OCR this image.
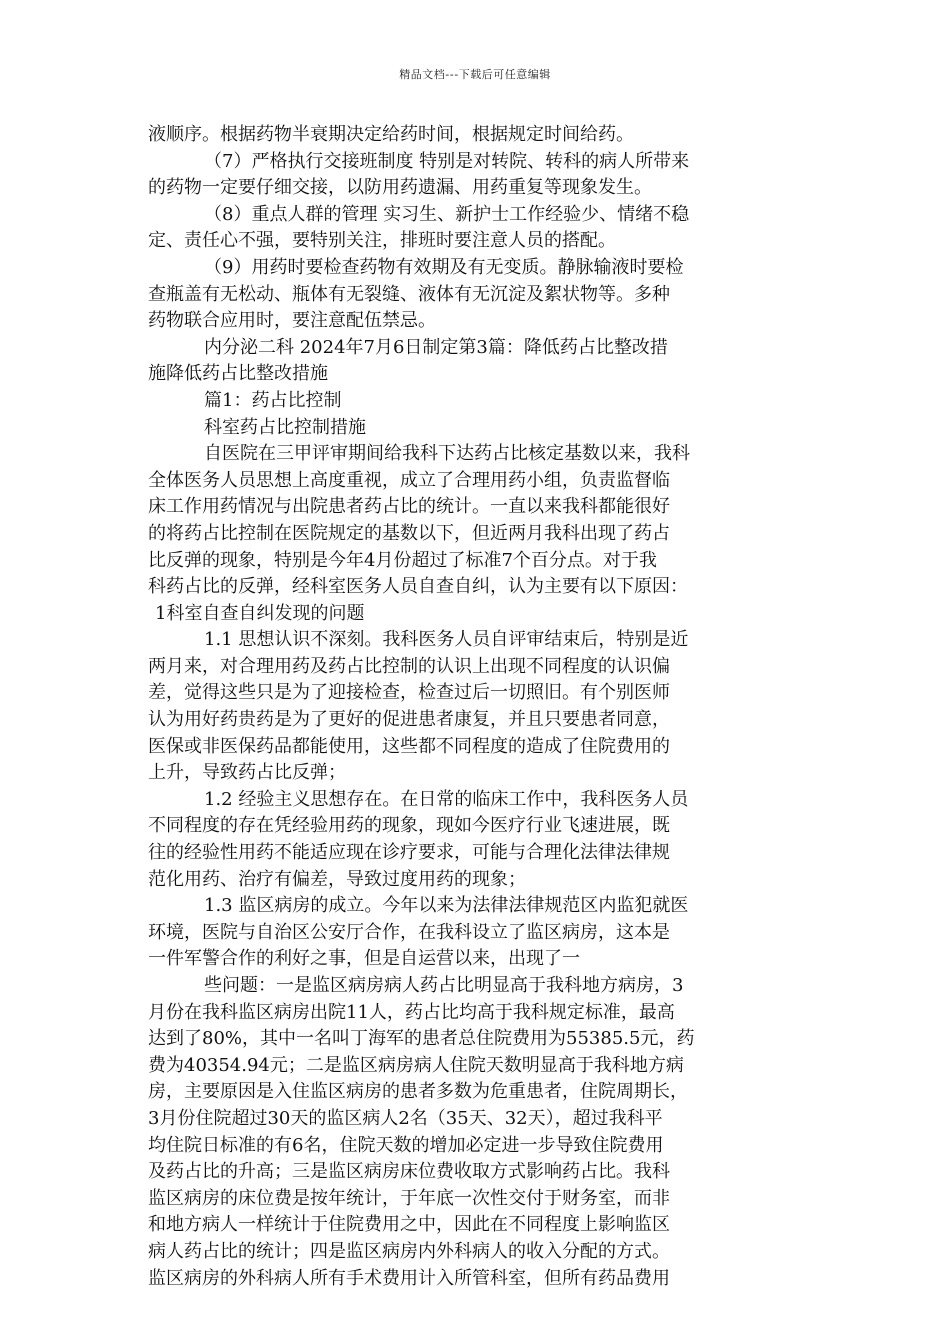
精品文档---下载后可任意编辑
液顺序。根据药物半衰期决定给药时间，根据规定时间给药。
（7）严格执行交接班制度 特别是对转院、转科的病人所带来
的药物一定要仔细交接，以防用药遗漏、用药重复等现象发生。
（8）重点人群的管理 实习生、新护士工作经验少、情绪不稳
定、责任心不强，要特别关注，排班时要注意人员的搭配。
（9）用药时要检查药物有效期及有无变质。静脉输液时要检
查瓶盖有无松动、瓶体有无裂缝、液体有无沉淀及絮状物等。多种
药物联合应用时，要注意配伍禁忌。
内分泌二科 2024年7月6日制定第3篇：降低药占比整改措
施降低药占比整改措施
篇1：药占比控制
科室药占比控制措施
自医院在三甲评审期间给我科下达药占比核定基数以来，我科
全体医务人员思想上高度重视，成立了合理用药小组，负责监督临
床工作用药情况与出院患者药占比的统计。一直以来我科都能很好
的将药占比控制在医院规定的基数以下，但近两月我科出现了药占
比反弹的现象，特别是今年4月份超过了标准7个百分点。对于我
科药占比的反弹，经科室医务人员自查自纠，认为主要有以下原因：
1科室自查自纠发现的问题
1.1 思想认识不深刻。我科医务人员自评审结束后，特别是近
两月来，对合理用药及药占比控制的认识上出现不同程度的认识偏
差，觉得这些只是为了迎接检查，检查过后一切照旧。有个别医师
认为用好药贵药是为了更好的促进患者康复，并且只要患者同意，
医保或非医保药品都能使用，这些都不同程度的造成了住院费用的
上升，导致药占比反弹；
1.2 经验主义思想存在。在日常的临床工作中，我科医务人员
不同程度的存在凭经验用药的现象，现如今医疗行业飞速进展，既
往的经验性用药不能适应现在诊疗要求，可能与合理化法律法律规
范化用药、治疗有偏差，导致过度用药的现象；
1.3 监区病房的成立。今年以来为法律法律规范区内监犯就医
环境，医院与自治区公安厅合作，在我科设立了监区病房，这本是
一件军警合作的利好之事，但是自运营以来，出现了一
些问题：一是监区病房病人药占比明显高于我科地方病房，3
月份在我科监区病房出院11人，药占比均高于我科规定标准，最高
达到了80%，其中一名叫丁海军的患者总住院费用为55385.5元，药
费为40354.94元；二是监区病房病人住院天数明显高于我科地方病
房，主要原因是入住监区病房的患者多数为危重患者，住院周期长，
3月份住院超过30天的监区病人2名（35天、32天），超过我科平
均住院日标准的有6名，住院天数的增加必定进一步导致住院费用
及药占比的升高；三是监区病房床位费收取方式影响药占比。我科
监区病房的床位费是按年统计，于年底一次性交付于财务室，而非
和地方病人一样统计于住院费用之中，因此在不同程度上影响监区
病人药占比的统计；四是监区病房内外科病人的收入分配的方式。
监区病房的外科病人所有手术费用计入所管科室，但所有药品费用
